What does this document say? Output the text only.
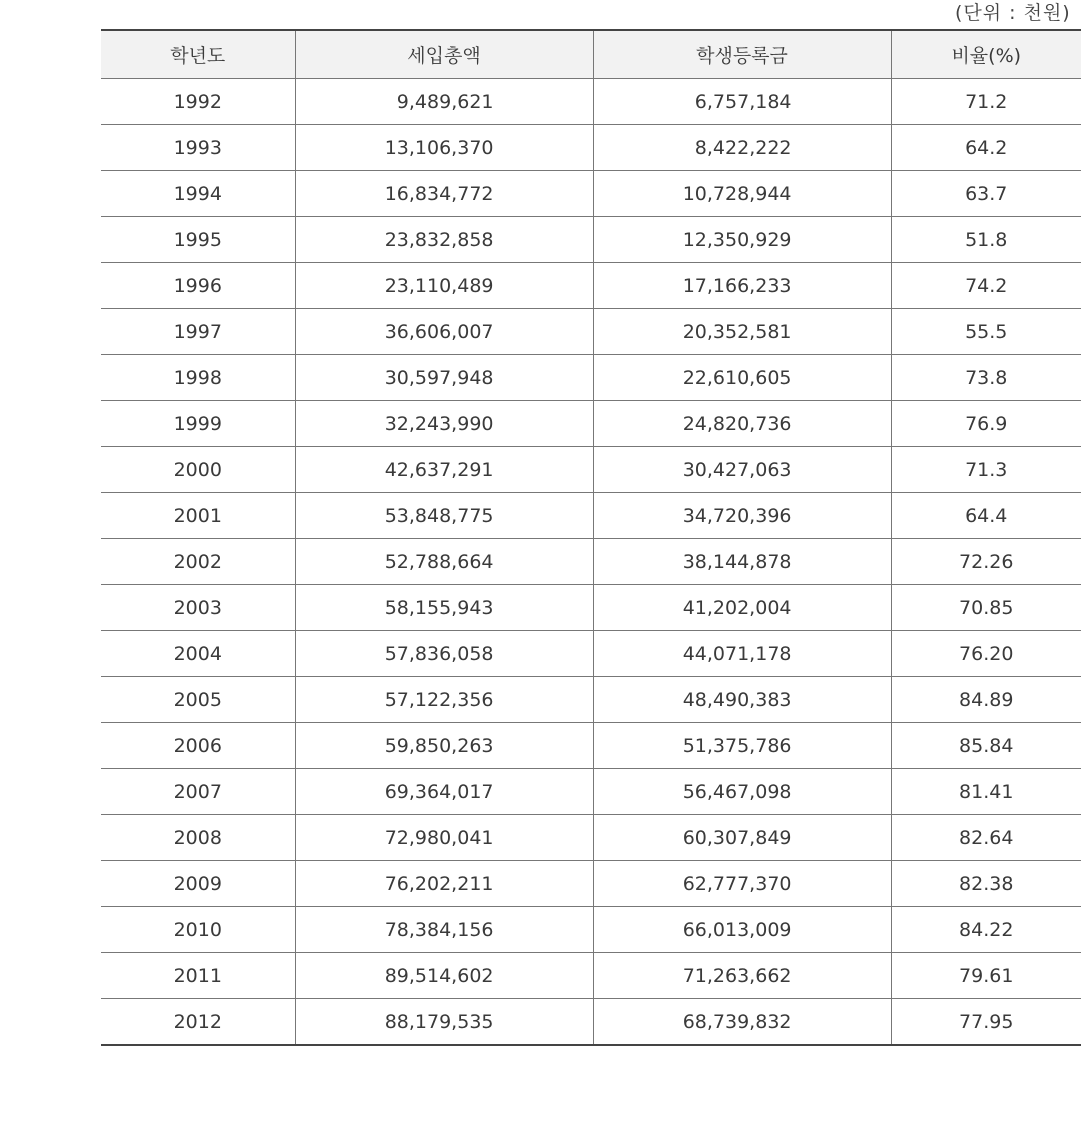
(단위 : 천원)
학년도	세입총액	학생등록금	비율(%)
1992	9,489,621	6,757,184	71.2
1993	13,106,370	8,422,222	64.2
1994	16,834,772	10,728,944	63.7
1995	23,832,858	12,350,929	51.8
1996	23,110,489	17,166,233	74.2
1997	36,606,007	20,352,581	55.5
1998	30,597,948	22,610,605	73.8
1999	32,243,990	24,820,736	76.9
2000	42,637,291	30,427,063	71.3
2001	53,848,775	34,720,396	64.4
2002	52,788,664	38,144,878	72.26
2003	58,155,943	41,202,004	70.85
2004	57,836,058	44,071,178	76.20
2005	57,122,356	48,490,383	84.89
2006	59,850,263	51,375,786	85.84
2007	69,364,017	56,467,098	81.41
2008	72,980,041	60,307,849	82.64
2009	76,202,211	62,777,370	82.38
2010	78,384,156	66,013,009	84.22
2011	89,514,602	71,263,662	79.61
2012	88,179,535	68,739,832	77.95
